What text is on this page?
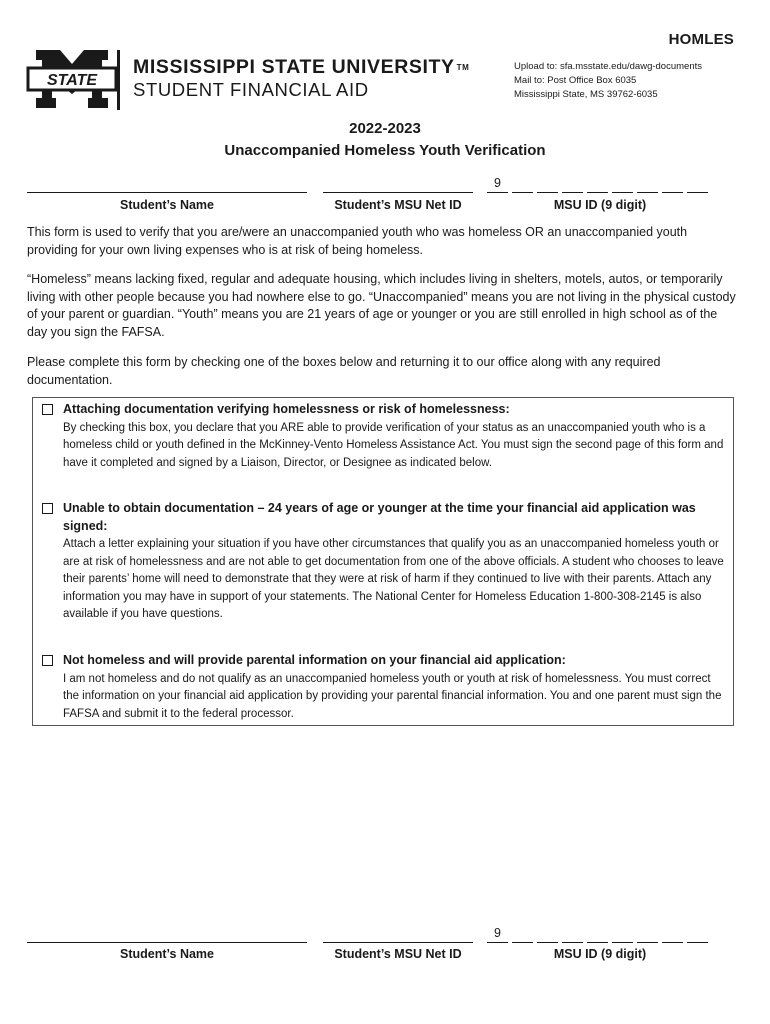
HOMLES
STATE
MISSISSIPPI STATE UNIVERSITY TM
STUDENT FINANCIAL AID
Upload to: sfa.msstate.edu/dawg-documents
Mail to: Post Office Box 6035
Mississippi State, MS 39762-6035
2022-2023
Unaccompanied Homeless Youth Verification
Student’s Name	Student’s MSU Net ID
9
MSU ID (9 digit)
This form is used to verify that you are/were an unaccompanied youth who was homeless OR an unaccompanied youth providing for your own living expenses who is at risk of being homeless.
“Homeless” means lacking fixed, regular and adequate housing, which includes living in shelters, motels, autos, or temporarily living with other people because you had nowhere else to go. “Unaccompanied” means you are not living in the physical custody of your parent or guardian. “Youth” means you are 21 years of age or younger or you are still enrolled in high school as of the day you sign the FAFSA.
Please complete this form by checking one of the boxes below and returning it to our office along with any required documentation.
Attaching documentation verifying homelessness or risk of homelessness:
By checking this box, you declare that you ARE able to provide verification of your status as an unaccompanied youth who is a homeless child or youth defined in the McKinney-Vento Homeless Assistance Act. You must sign the second page of this form and have it completed and signed by a Liaison, Director, or Designee as indicated below.
Unable to obtain documentation – 24 years of age or younger at the time your financial aid application was signed:
Attach a letter explaining your situation if you have other circumstances that qualify you as an unaccompanied homeless youth or are at risk of homelessness and are not able to get documentation from one of the above officials. A student who chooses to leave their parents’ home will need to demonstrate that they were at risk of harm if they continued to live with their parents. Attach any information you may have in support of your statements. The National Center for Homeless Education 1-800-308-2145 is also available if you have questions.
Not homeless and will provide parental information on your financial aid application:
I am not homeless and do not qualify as an unaccompanied homeless youth or youth at risk of homelessness. You must correct the information on your financial aid application by providing your parental financial information. You and one parent must sign the FAFSA and submit it to the federal processor.
Student’s Name	Student’s MSU Net ID
9
MSU ID (9 digit)
